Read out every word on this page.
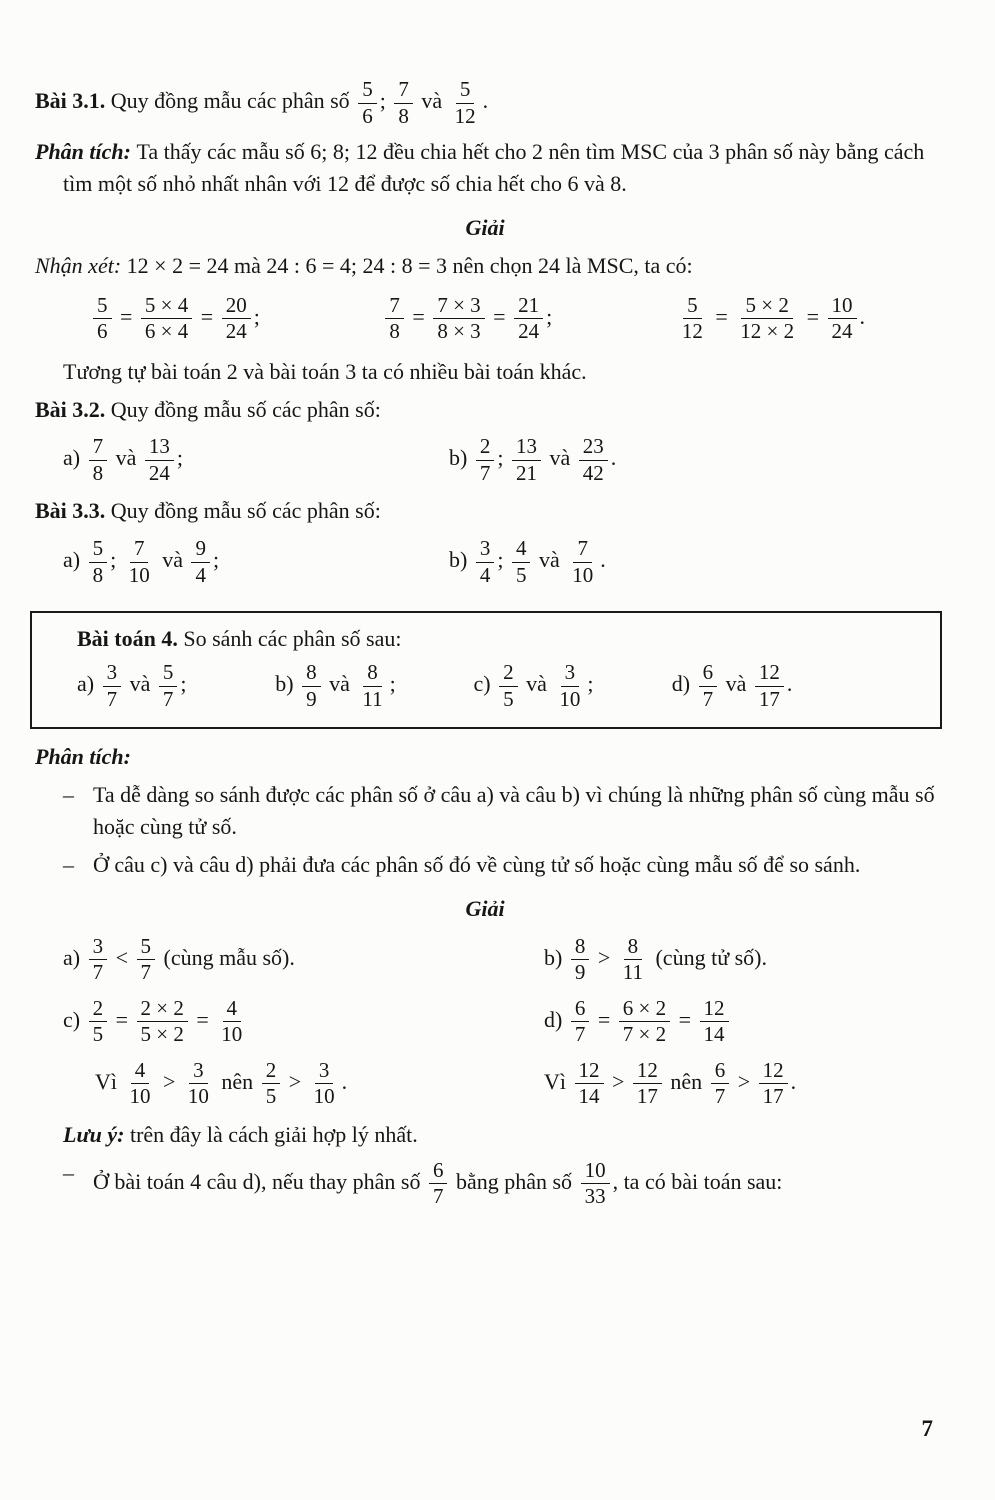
Bài 3.1. Quy đồng mẫu các phân số $\frac{5}{6}$ ; $\frac{7}{8}$ và $\frac{5}{12}$ .
Phân tích: Ta thấy các mẫu số 6; 8; 12 đều chia hết cho 2 nên tìm MSC của 3 phân số này bằng cách tìm một số nhỏ nhất nhân với 12 để được số chia hết cho 6 và 8.
Giải
Nhận xét: 12 × 2 = 24 mà 24 : 6 = 4; 24 : 8 = 3 nên chọn 24 là MSC, ta có:
$\frac{5}{6} = \frac{5 \times 4}{6 \times 4} = \frac{20}{24}$ ;	$\frac{7}{8} = \frac{7 \times 3}{8 \times 3} = \frac{21}{24}$ ;	$\frac{5}{12} = \frac{5 \times 2}{12 \times 2} = \frac{10}{24}$ .
Tương tự bài toán 2 và bài toán 3 ta có nhiều bài toán khác.
Bài 3.2. Quy đồng mẫu số các phân số:
$a) \frac{7}{8}$ và $\frac{13}{24}$ ;	$b) \frac{2}{7}$ ; $\frac{13}{21}$ và $\frac{23}{42}$ .
Bài 3.3. Quy đồng mẫu số các phân số:
$a) \frac{5}{8}$ ; $\frac{7}{10}$ và $\frac{9}{4}$ ;	$b) \frac{3}{4}$ ; $\frac{4}{5}$ và $\frac{7}{10}$ .
Bài toán 4. So sánh các phân số sau:
$a) \frac{3}{7}$ và $\frac{5}{7}$ ;	$b) \frac{8}{9}$ và $\frac{8}{11}$ ;	$c) \frac{2}{5}$ và $\frac{3}{10}$ ;	$d) \frac{6}{7}$ và $\frac{12}{17}$ .
Phân tích:
– Ta dễ dàng so sánh được các phân số ở câu a) và câu b) vì chúng là những phân số cùng mẫu số hoặc cùng tử số.
– Ở câu c) và câu d) phải đưa các phân số đó về cùng tử số hoặc cùng mẫu số để so sánh.
Giải
$a) \frac{3}{7} < \frac{5}{7}$ (cùng mẫu số).	$b) \frac{8}{9} > \frac{8}{11}$ (cùng tử số).
$c) \frac{2}{5} = \frac{2 \times 2}{5 \times 2} = \frac{4}{10}$	$d) \frac{6}{7} = \frac{6 \times 2}{7 \times 2} = \frac{12}{14}$
Vì $\frac{4}{10} > \frac{3}{10}$ nên $\frac{2}{5} > \frac{3}{10}$ .	Vì $\frac{12}{14} > \frac{12}{17}$ nên $\frac{6}{7} > \frac{12}{17}$ .
Lưu ý: trên đây là cách giải hợp lý nhất.
– Ở bài toán 4 câu d), nếu thay phân số $\frac{6}{7}$ bằng phân số $\frac{10}{33}$ , ta có bài toán sau:
7
